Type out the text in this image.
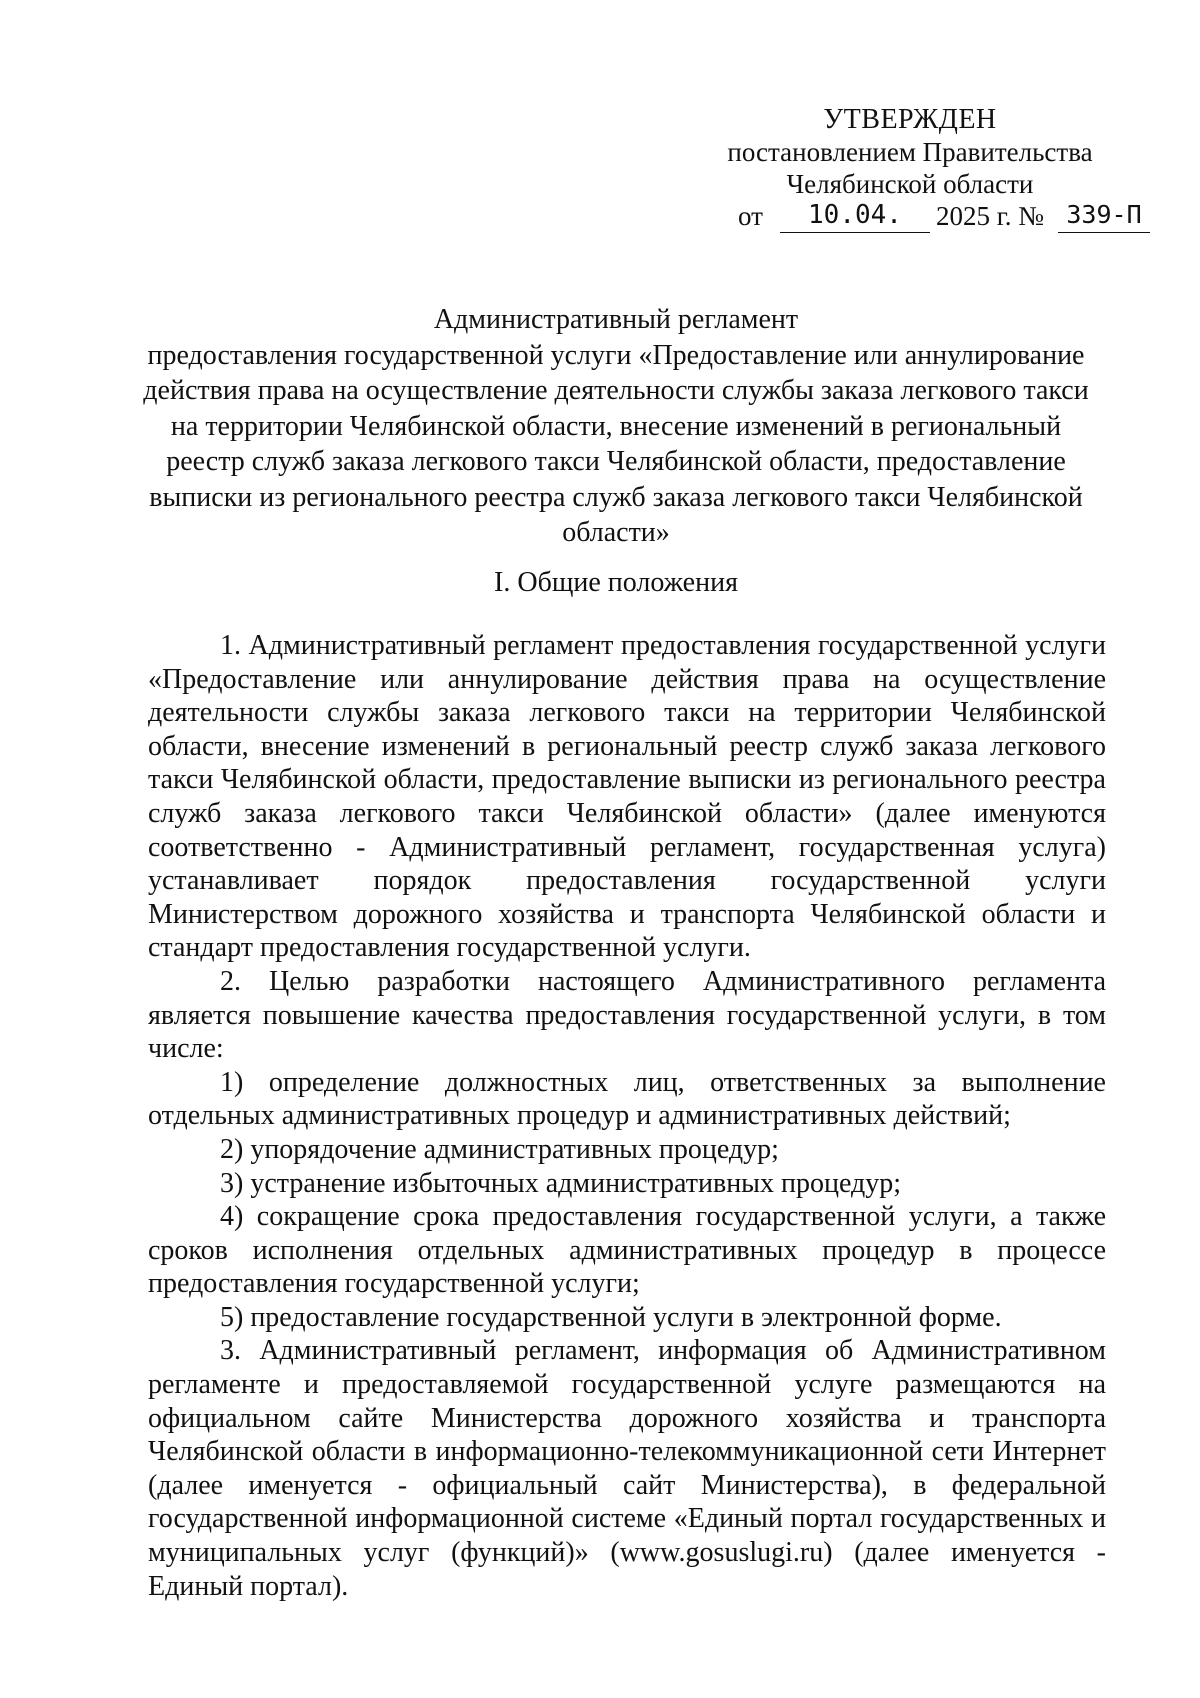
УТВЕРЖДЕН
постановлением Правительства
Челябинской области
от	10.04.	2025 г. № 339-П
Административный регламент
предоставления государственной услуги «Предоставление или аннулирование
действия права на осуществление деятельности службы заказа легкового такси
на территории Челябинской области, внесение изменений в региональный
реестр служб заказа легкового такси Челябинской области, предоставление
выписки из регионального реестра служб заказа легкового такси Челябинской
области»
I. Общие положения

1. Административный регламент предоставления государственной услуги «Предоставление или аннулирование действия права на осуществление деятельности службы заказа легкового такси на территории Челябинской области, внесение изменений в региональный реестр служб заказа легкового такси Челябинской области, предоставление выписки из регионального реестра служб заказа легкового такси Челябинской области» (далее именуются соответственно - Административный регламент, государственная услуга) устанавливает порядок предоставления государственной услуги Министерством дорожного хозяйства и транспорта Челябинской области и стандарт предоставления государственной услуги.

2. Целью разработки настоящего Административного регламента является повышение качества предоставления государственной услуги, в том числе:

1) определение должностных лиц, ответственных за выполнение отдельных административных процедур и административных действий;

2) упорядочение административных процедур;

3) устранение избыточных административных процедур;

4) сокращение срока предоставления государственной услуги, а также сроков исполнения отдельных административных процедур в процессе предоставления государственной услуги;

5) предоставление государственной услуги в электронной форме.

3. Административный регламент, информация об Административном регламенте и предоставляемой государственной услуге размещаются на официальном сайте Министерства дорожного хозяйства и транспорта Челябинской области в информационно-телекоммуникационной сети Интернет (далее именуется - официальный сайт Министерства), в федеральной государственной информационной системе «Единый портал государственных и муниципальных услуг (функций)» (www.gosuslugi.ru) (далее именуется - Единый портал).
